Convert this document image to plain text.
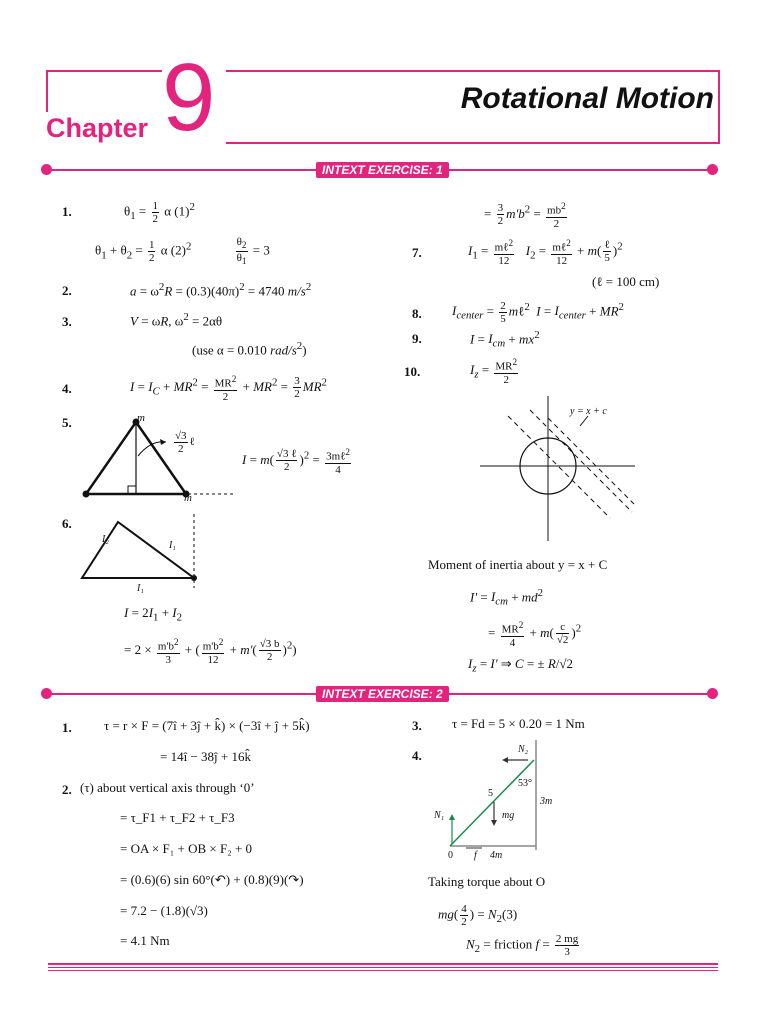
Chapter 9	Rotational Motion
INTEXT EXERCISE: 1
1.	$\theta_1 = \frac{1}{2}$ α $(1)^2$
$\theta_1 + \theta_2 = \frac{1}{2}$ α $(2)^2$	$\frac{\theta_2}{\theta_1} = 3$
2.	$a = \omega^2R = (0.3)(40\pi)^2 = 4740$ $m/s^2$
3.	V = ωR, $\omega^2 = 2\alpha\theta$
(use α = 0.010 rad/$s^2$)
4.	$I = I_C + MR^2 = \frac{MR^2}{2} + MR^2 = \frac{3}{2} MR^2$
5.	m
m
$\frac{√3}{2}$ ℓ
$I = m( \frac{\text{√3 ℓ}}{2} )^2 = \frac{3m\ell^2}{4}$
6.
I₂
I₁
I₁
$I = 2I_1 + I_2$
= $2 \times \frac{m'b^2}{3}$ + ( $\frac{m'b^2}{12} + m'( \frac{√3 b}{2} )^2$)
= $\frac{3}{2} m'b^2 = \frac{mb^2}{2}$
7.	$I_1 = \frac{m\ell^2}{12} I_2 = \frac{m\ell^2}{12} + m( \frac{\text{ℓ}}{5} )^2$
(ℓ = 100 cm)
8. $I_{center} = \frac{2}{5}$ mℓ$^2$ $I = I_{center} + MR^2$
9.	$I = I_{cm} + mx^2$
10.	$I_z = \frac{MR^2}{2}$
y = x + c
Moment of inertia about y = x + C
$I' = I_{cm} + md^2$
= $\frac{MR^2}{4} + m( \frac{c}{√2} )^2$
$I_z = I'$ ⇒ C = ± R/√2
INTEXT EXERCISE: 2
1. τ = r × F = (7î + 3ĵ + k̂) × (−3î + ĵ + 5k̂)
= 14î − 38ĵ + 16k̂
2. (τ) about vertical axis through ‘0’
= τ_F1 + τ_F2 + τ_F3
= OA × F₁ + OB × F₂ + 0
= (0.6)(6) sin 60°(↶) + (0.8)(9)(↷)
= 7.2 − (1.8)(√3)
= 4.1 Nm
3. τ = Fd = 5 × 0.20 = 1 Nm
4.	N₂
53°
5
3m
N₁	mg
0 f 4m
Taking torque about O
$mg( \frac{4}{2}$ ) = $N_2(3)$
$N_2$ = friction $f = \frac{2 mg}{3}$
